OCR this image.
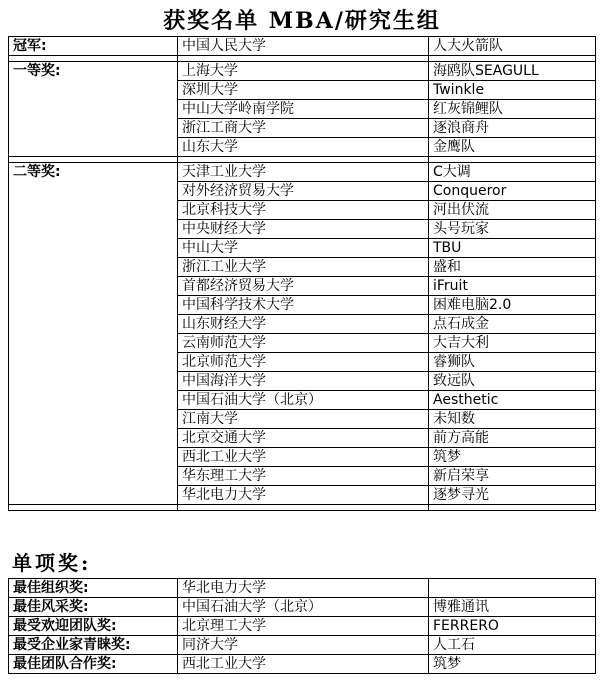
获奖名单 MBA/研究生组
冠军:	中国人民大学	人大火箭队

一等奖:	上海大学	海鸥队SEAGULL
	深圳大学	Twinkle
	中山大学岭南学院	红灰锦鲤队
	浙江工商大学	逐浪商舟
	山东大学	金鹰队

二等奖:	天津工业大学	C大调
	对外经济贸易大学	Conqueror
	北京科技大学	河出伏流
	中央财经大学	头号玩家
	中山大学	TBU
	浙江工业大学	盛和
	首都经济贸易大学	iFruit
	中国科学技术大学	困难电脑2.0
	山东财经大学	点石成金
	云南师范大学	大吉大利
	北京师范大学	睿狮队
	中国海洋大学	致远队
	中国石油大学（北京）	Aesthetic
	江南大学	未知数
	北京交通大学	前方高能
	西北工业大学	筑梦
	华东理工大学	新启荣享
	华北电力大学	逐梦寻光

单项奖:
最佳组织奖:	华北电力大学	
最佳风采奖:	中国石油大学（北京）	博雅通讯
最受欢迎团队奖:	北京理工大学	FERRERO
最受企业家青睐奖:	同济大学	人工石
最佳团队合作奖:	西北工业大学	筑梦
